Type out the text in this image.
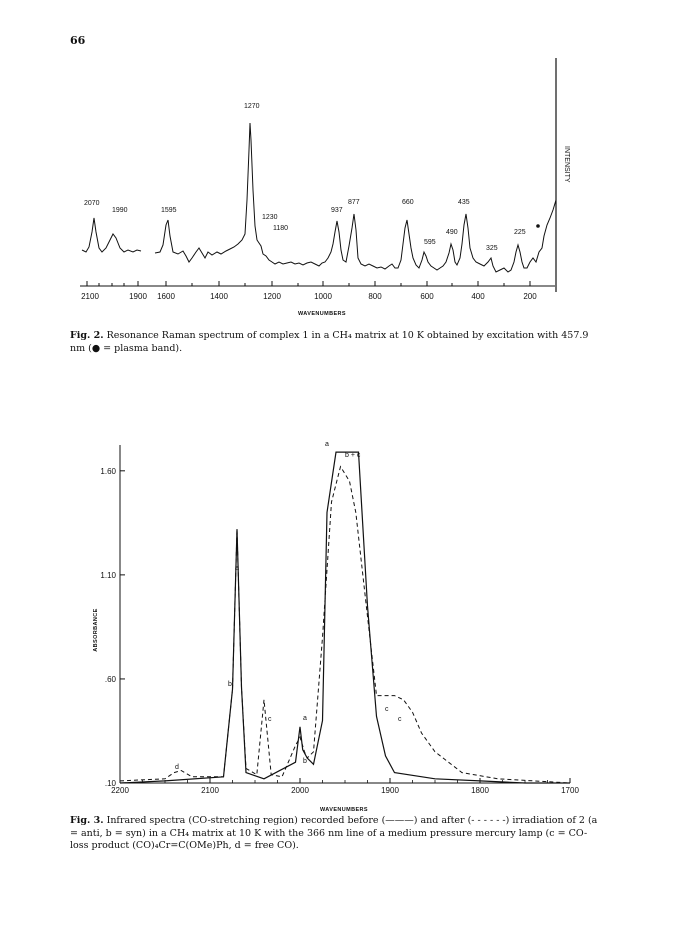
66
INTENSITY
2100	1900 1600	1400	1200	1000	800	600	400	200
WAVENUMBERS
2070
1990	1595
1270
1230
1180
937
877	660
595
490
435
325
225
Fig. 2. Resonance Raman spectrum of complex 1 in a CH₄ matrix at 10 K obtained by excitation with 457.9 nm (● = plasma band).
.10
.60
1.10
1.60
2200	2100	2000	1900	1800	1700
a
b
a
b
a
b + c
c
c
c
d
ABSORBANCE
WAVENUMBERS
Fig. 3. Infrared spectra (CO-stretching region) recorded before (———) and after (- - - - - -) irradiation of 2 (a = anti, b = syn) in a CH₄ matrix at 10 K with the 366 nm line of a medium pressure mercury lamp (c = CO-loss product (CO)₄Cr=C(OMe)Ph, d = free CO).
